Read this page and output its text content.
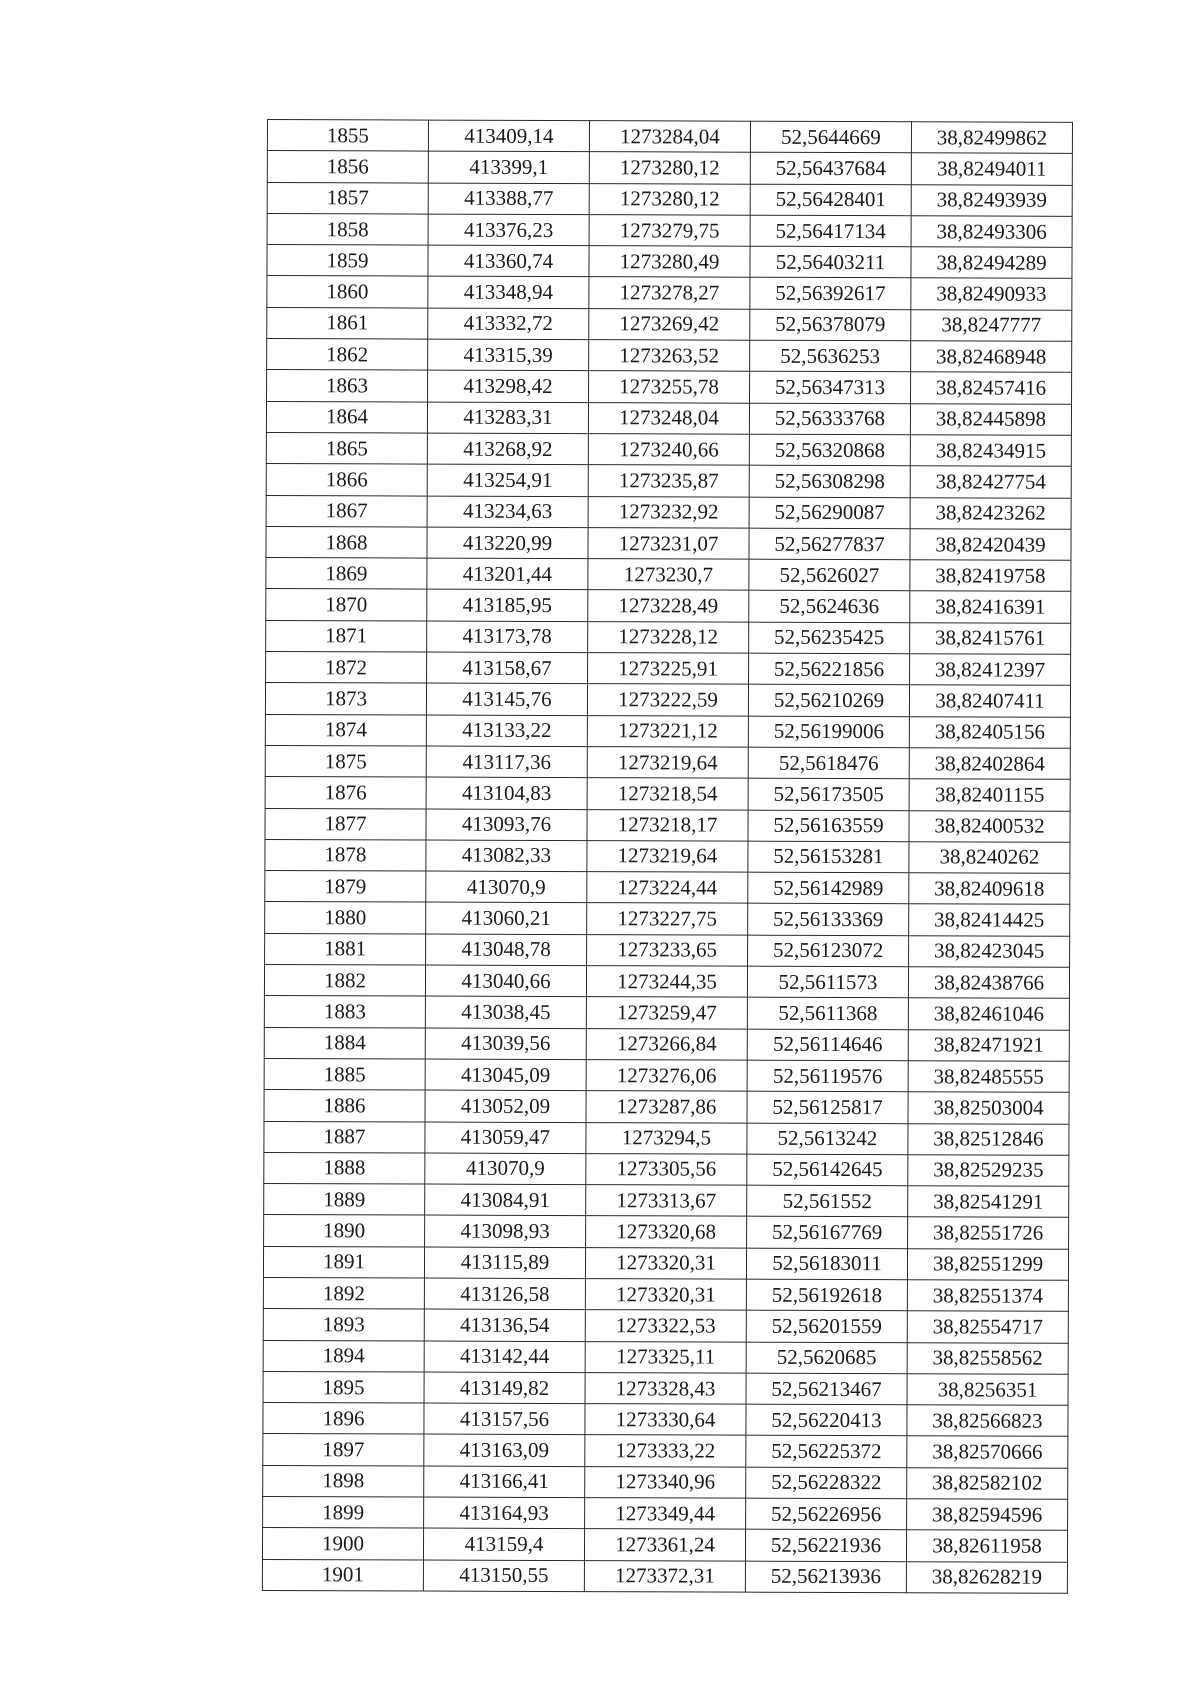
1855	413409,14	1273284,04	52,5644669	38,82499862
1856	413399,1	1273280,12	52,56437684	38,82494011
1857	413388,77	1273280,12	52,56428401	38,82493939
1858	413376,23	1273279,75	52,56417134	38,82493306
1859	413360,74	1273280,49	52,56403211	38,82494289
1860	413348,94	1273278,27	52,56392617	38,82490933
1861	413332,72	1273269,42	52,56378079	38,8247777
1862	413315,39	1273263,52	52,5636253	38,82468948
1863	413298,42	1273255,78	52,56347313	38,82457416
1864	413283,31	1273248,04	52,56333768	38,82445898
1865	413268,92	1273240,66	52,56320868	38,82434915
1866	413254,91	1273235,87	52,56308298	38,82427754
1867	413234,63	1273232,92	52,56290087	38,82423262
1868	413220,99	1273231,07	52,56277837	38,82420439
1869	413201,44	1273230,7	52,5626027	38,82419758
1870	413185,95	1273228,49	52,5624636	38,82416391
1871	413173,78	1273228,12	52,56235425	38,82415761
1872	413158,67	1273225,91	52,56221856	38,82412397
1873	413145,76	1273222,59	52,56210269	38,82407411
1874	413133,22	1273221,12	52,56199006	38,82405156
1875	413117,36	1273219,64	52,5618476	38,82402864
1876	413104,83	1273218,54	52,56173505	38,82401155
1877	413093,76	1273218,17	52,56163559	38,82400532
1878	413082,33	1273219,64	52,56153281	38,8240262
1879	413070,9	1273224,44	52,56142989	38,82409618
1880	413060,21	1273227,75	52,56133369	38,82414425
1881	413048,78	1273233,65	52,56123072	38,82423045
1882	413040,66	1273244,35	52,5611573	38,82438766
1883	413038,45	1273259,47	52,5611368	38,82461046
1884	413039,56	1273266,84	52,56114646	38,82471921
1885	413045,09	1273276,06	52,56119576	38,82485555
1886	413052,09	1273287,86	52,56125817	38,82503004
1887	413059,47	1273294,5	52,5613242	38,82512846
1888	413070,9	1273305,56	52,56142645	38,82529235
1889	413084,91	1273313,67	52,561552	38,82541291
1890	413098,93	1273320,68	52,56167769	38,82551726
1891	413115,89	1273320,31	52,56183011	38,82551299
1892	413126,58	1273320,31	52,56192618	38,82551374
1893	413136,54	1273322,53	52,56201559	38,82554717
1894	413142,44	1273325,11	52,5620685	38,82558562
1895	413149,82	1273328,43	52,56213467	38,8256351
1896	413157,56	1273330,64	52,56220413	38,82566823
1897	413163,09	1273333,22	52,56225372	38,82570666
1898	413166,41	1273340,96	52,56228322	38,82582102
1899	413164,93	1273349,44	52,56226956	38,82594596
1900	413159,4	1273361,24	52,56221936	38,82611958
1901	413150,55	1273372,31	52,56213936	38,82628219
